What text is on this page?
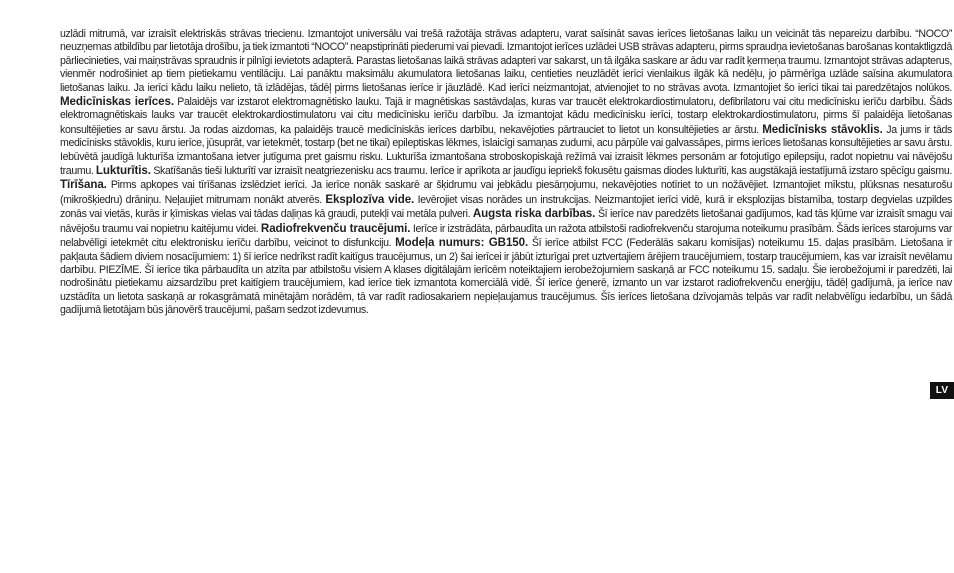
uzlādi mitrumā, var izraisīt elektriskās strāvas triecienu. Izmantojot universālu vai trešā ražotāja strāvas adapteru, varat saīsināt savas ierīces lietošanas laiku un veicināt tās nepareizu darbību. “NOCO” neuzņemas atbildību par lietotāja drošību, ja tiek izmantoti “NOCO” neapstiprināti piederumi vai pievadi. Izmantojot ierīces uzlādei USB strāvas adapteru, pirms spraudņa ievietošanas barošanas kontaktligzdā pārliecinieties, vai maiņstrāvas spraudnis ir pilnīgi ievietots adapterā. Parastas lietošanas laikā strāvas adapteri var sakarst, un tā ilgāka saskare ar ādu var radīt ķermeņa traumu. Izmantojot strāvas adapterus, vienmēr nodrošiniet ap tiem pietiekamu ventilāciju. Lai panāktu maksimālu akumulatora lietošanas laiku, centieties neuzlādēt ierīci vienlaikus ilgāk kā nedēļu, jo pārmērīga uzlāde saīsina akumulatora lietošanas laiku. Ja ierīci kādu laiku nelieto, tā izlādējas, tādēļ pirms lietošanas ierīce ir jāuzlādē. Kad ierīci neizmantojat, atvienojiet to no strāvas avota. Izmantojiet šo ierīci tikai tai paredzētajos nolūkos. Medicīniskas ierīces. Palaidējs var izstarot elektromagnētisko lauku. Tajā ir magnētiskas sastāvdaļas, kuras var traucēt elektrokardiostimulatoru, defibrilatoru vai citu medicīnisku ierīču darbību. Šāds elektromagnētiskais lauks var traucēt elektrokardiostimulatoru vai citu medicīnisku ierīču darbību. Ja izmantojat kādu medicīnisku ierīci, tostarp elektrokardiostimulatoru, pirms šī palaidēja lietošanas konsultējieties ar savu ārstu. Ja rodas aizdomas, ka palaidējs traucē medicīniskās ierīces darbību, nekavējoties pārtrauciet to lietot un konsultējieties ar ārstu. Medicīnisks stāvoklis. Ja jums ir tāds medicīnisks stāvoklis, kuru ierīce, jūsuprāt, var ietekmēt, tostarp (bet ne tikai) epileptiskas lēkmes, ìslaicīgi samaņas zudumi, acu pārpūle vai galvassāpes, pirms ierīces lietošanas konsultējieties ar savu ārstu. Iebūvētā jaudīgā lukturīša izmantošana ietver jutīguma pret gaismu risku. Lukturīša izmantošana stroboskopiskajā režīmā vai izraisīt lēkmes personām ar fotojutīgo epilepsiju, radot nopietnu vai nāvējošu traumu. Lukturītis. Skatīšanās tieši lukturītī var izraisīt neatgriezenisku acs traumu. Ierīce ir aprīkota ar jaudīgu iepriekš fokusētu gaismas diodes lukturīti, kas augstākajā iestatījumā izstaro spēcīgu gaismu. Tīrīšana. Pirms apkopes vai tīrīšanas izslēdziet ierīci. Ja ierīce nonāk saskarē ar šķidrumu vai jebkādu piesārņojumu, nekavējoties notīriet to un nožāvējiet. Izmantojiet mīkstu, plūksnas nesaturošu (mikrošķiedru) drāniņu. Neļaujiet mitrumam nonākt atverēs. Eksplozīva vide. Ievērojiet visas norādes un instrukcijas. Neizmantojiet ierīci vidē, kurā ir eksplozijas bīstamība, tostarp degvielas uzpildes zonās vai vietās, kurās ir ķīmiskas vielas vai tādas daļiņas kā graudi, putekļi vai metāla pulveri. Augsta riska darbības. Šī ierīce nav paredzēts lietošanai gadījumos, kad tās kļūme var izraisīt smagu vai nāvējošu traumu vai nopietnu kaitējumu videi. Radiofrekvenču traucējumi. Ierīce ir izstrādāta, pārbaudīta un ražota atbilstoši radiofrekvenču starojuma noteikumu prasībām. Šāds ierīces starojums var nelabvēlīgi ietekmēt citu elektronisku ierīču darbību, veicinot to disfunkciju. Modeļa numurs: GB150. Šī ierīce atbilst FCC (Federālās sakaru komisijas) noteikumu 15. daļas prasībām. Lietošana ir pakļauta šādiem diviem nosacījumiem: 1) šī ierīce nedrīkst radīt kaitīgus traucējumus, un 2) šai ierīcei ir jābūt izturīgai pret uztvertajiem ārējiem traucējumiem, tostarp traucējumiem, kas var izraisīt nevēlamu darbību. PIEZĪME. Šī ierīce tika pārbaudīta un atzīta par atbilstošu visiem A klases digitālajām ierīcēm noteiktajiem ierobežojumiem saskaņā ar FCC noteikumu 15. sadaļu. Šie ierobežojumi ir paredzēti, lai nodrošinātu pietiekamu aizsardzību pret kaitīgiem traucējumiem, kad ierīce tiek izmantota komerciālā vidē. Šī ierīce ģenerē, izmanto un var izstarot radiofrekvenču enerģiju, tādēļ gadījumā, ja ierīce nav uzstādīta un lietota saskaņā ar rokasgrāmatā minētajām norādēm, tā var radīt radiosakariem nepieļaujamus traucējumus. Šīs ierīces lietošana dzīvojamās telpās var radīt nelabvēlīgu iedarbību, un šādā gadījumā lietotājam būs jānovērš traucējumi, pašam sedzot izdevumus.

LV
